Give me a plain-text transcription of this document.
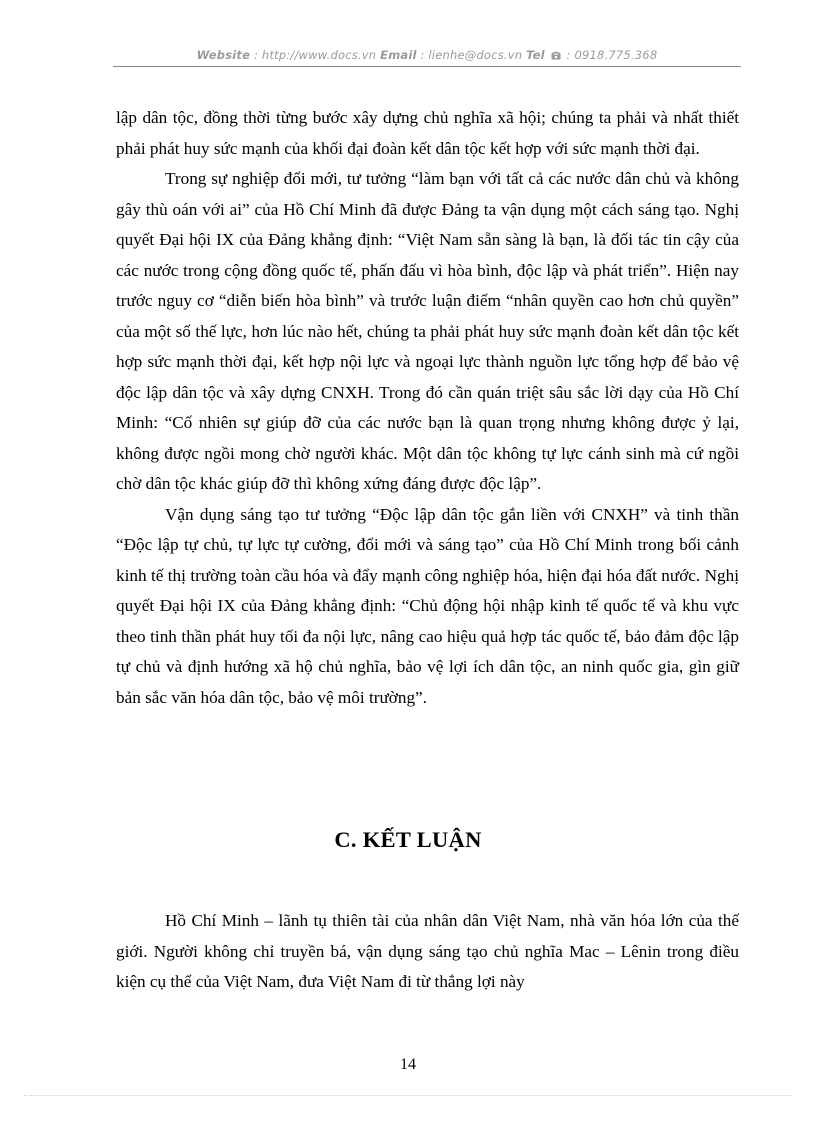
Website : http://www.docs.vn Email : lienhe@docs.vn Tel : 0918.775.368

lập dân tộc, đồng thời từng bước xây dựng chủ nghĩa xã hội; chúng ta phải và nhất thiết phải phát huy sức mạnh của khối đại đoàn kết dân tộc kết hợp với sức mạnh thời đại.

Trong sự nghiệp đổi mới, tư tưởng “làm bạn với tất cả các nước dân chủ và không gây thù oán với ai” của Hồ Chí Minh đã được Đảng ta vận dụng một cách sáng tạo. Nghị quyết Đại hội IX của Đảng khẳng định: “Việt Nam sẵn sàng là bạn, là đối tác tin cậy của các nước trong cộng đồng quốc tế, phấn đấu vì hòa bình, độc lập và phát triển”. Hiện nay trước nguy cơ “diễn biến hòa bình” và trước luận điểm “nhân quyền cao hơn chủ quyền” của một số thế lực, hơn lúc nào hết, chúng ta phải phát huy sức mạnh đoàn kết dân tộc kết hợp sức mạnh thời đại, kết hợp nội lực và ngoại lực thành nguồn lực tổng hợp để bảo vệ độc lập dân tộc và xây dựng CNXH. Trong đó cần quán triệt sâu sắc lời dạy của Hồ Chí Minh: “Cố nhiên sự giúp đỡ của các nước bạn là quan trọng nhưng không được ỷ lại, không được ngồi mong chờ người khác. Một dân tộc không tự lực cánh sinh mà cứ ngồi chờ dân tộc khác giúp đỡ thì không xứng đáng được độc lập”.

Vận dụng sáng tạo tư tưởng “Độc lập dân tộc gắn liền với CNXH” và tinh thần “Độc lập tự chủ, tự lực tự cường, đổi mới và sáng tạo” của Hồ Chí Minh trong bối cảnh kinh tế thị trường toàn cầu hóa và đẩy mạnh công nghiệp hóa, hiện đại hóa đất nước. Nghị quyết Đại hội IX của Đảng khẳng định: “Chủ động hội nhập kinh tế quốc tế và khu vực theo tinh thần phát huy tối đa nội lực, nâng cao hiệu quả hợp tác quốc tế, bảo đảm độc lập tự chủ và định hướng xã hộ chủ nghĩa, bảo vệ lợi ích dân tộc, an ninh quốc gia, gìn giữ bản sắc văn hóa dân tộc, bảo vệ môi trường”.

C. KẾT LUẬN

Hồ Chí Minh – lãnh tụ thiên tài của nhân dân Việt Nam, nhà văn hóa lớn của thế giới. Người không chỉ truyền bá, vận dụng sáng tạo chủ nghĩa Mac – Lênin trong điều kiện cụ thể của Việt Nam, đưa Việt Nam đi từ thắng lợi này

14
